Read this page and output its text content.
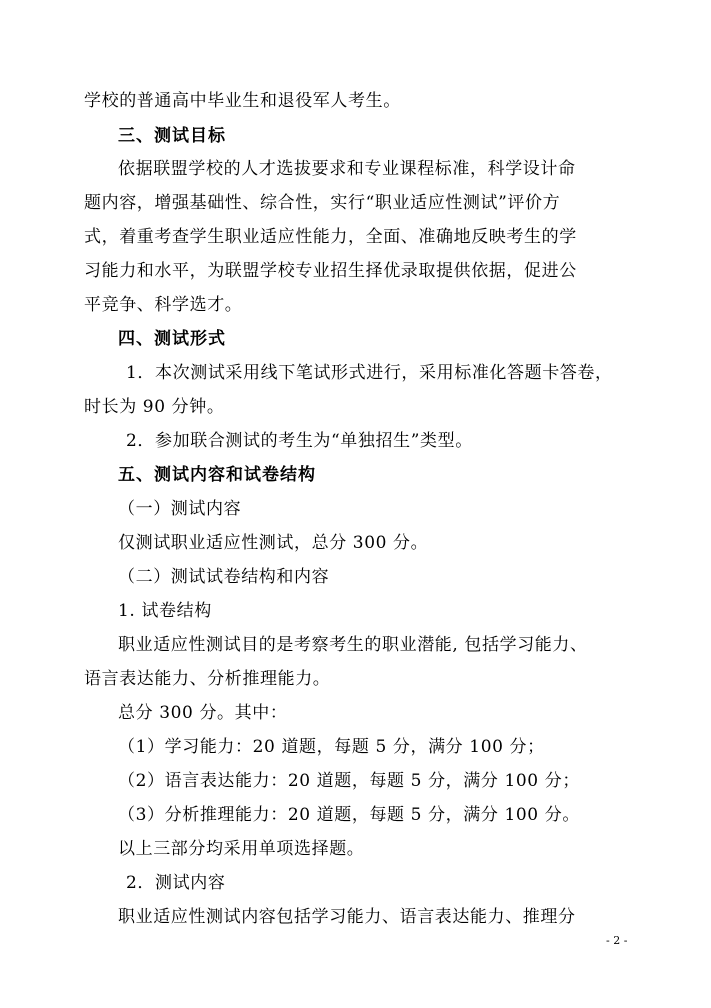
学校的普通高中毕业生和退役军人考生。
三、测试目标
依据联盟学校的人才选拔要求和专业课程标准，科学设计命
题内容，增强基础性、综合性，实行“职业适应性测试”评价方
式，着重考查学生职业适应性能力，全面、准确地反映考生的学
习能力和水平，为联盟学校专业招生择优录取提供依据，促进公
平竞争、科学选才。
四、测试形式
1．本次测试采用线下笔试形式进行，采用标准化答题卡答卷，
时长为 90 分钟。
2．参加联合测试的考生为“单独招生”类型。
五、测试内容和试卷结构
（一）测试内容
仅测试职业适应性测试，总分 300 分。
（二）测试试卷结构和内容
1. 试卷结构
职业适应性测试目的是考察考生的职业潜能, 包括学习能力、
语言表达能力、分析推理能力。
总分 300 分。其中：
（1）学习能力：20 道题，每题 5 分，满分 100 分；
（2）语言表达能力：20 道题，每题 5 分，满分 100 分；
（3）分析推理能力：20 道题，每题 5 分，满分 100 分。
以上三部分均采用单项选择题。
2．测试内容
职业适应性测试内容包括学习能力、语言表达能力、推理分
- 2 -
